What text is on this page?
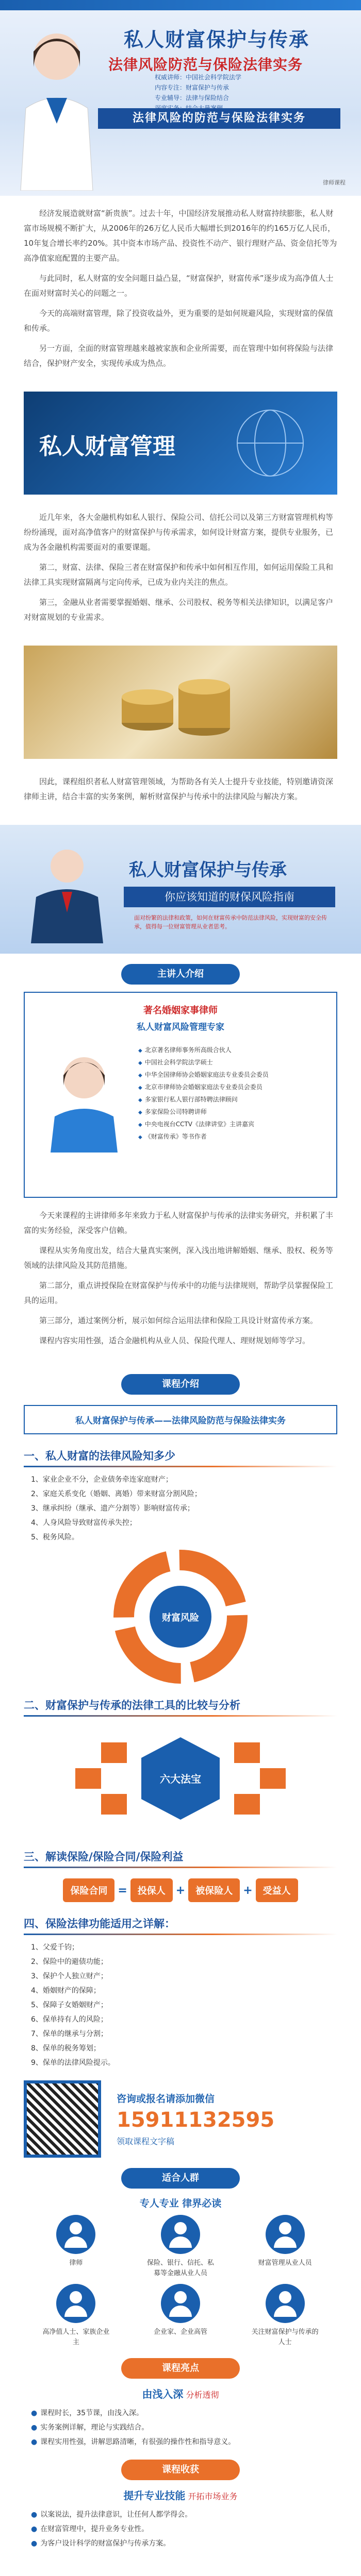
私人财富保护与传承
法律风险防范与保险法律实务
权威讲师：中国社会科学院法学
内容专注：财富保护与传承
专业辅导：法律与保险结合
法律风险的防范与保险法律实务
律师课程

经济发展造就财富“新贵族”。过去十年，中国经济发展推动私人财富持续膨胀，私人财富市场规模不断扩大，从2006年的26万亿人民币大幅增长到2016年的约165万亿人民币，10年复合增长率约20%。其中资本市场产品、投资性不动产、银行理财产品、资金信托等为高净值家庭配置的主要产品。

与此同时，私人财富的安全问题日益凸显，“财富保护，财富传承”逐步成为高净值人士在面对财富时关心的问题之一。

今天的高端财富管理，除了投资收益外，更为重要的是如何规避风险，实现财富的保值和传承。

另一方面，全面的财富管理越来越被家族和企业所需要，而在管理中如何将保险与法律结合，保护财产安全，实现传承成为热点。

私人财富管理

近几年来，各大金融机构如私人银行、保险公司、信托公司以及第三方财富管理机构等纷纷涌现，面对高净值客户的财富保护与传承需求，如何设计财富方案，提供专业服务，已成为各金融机构需要面对的重要课题。

第二，财富、法律、保险三者在财富保护和传承中如何相互作用，如何运用保险工具和法律工具实现财富隔离与定向传承，已成为业内关注的焦点。

第三，金融从业者需要掌握婚姻、继承、公司股权、税务等相关法律知识，以满足客户对财富规划的专业需求。

因此，课程组织者私人财富管理领域，为帮助各有关人士提升专业技能，特别邀请资深律师主讲，结合丰富的实务案例，解析财富保护与传承中的法律风险与解决方案。

私人财富保护与传承
你应该知道的财保风险指南
面对纷繁的法律和政策，如何在财富传承中防范法律风险，实现财富的安全传承，值得每一位财富管理从业者思考。
主讲人介绍
著名婚姻家事律师
私人财富风险管理专家
◆ 北京著名律师事务所高级合伙人
◆ 中国社会科学院法学硕士
◆ 中华全国律师协会婚姻家庭法专业委员会委员
◆ 北京市律师协会婚姻家庭法专业委员会委员
◆ 多家银行私人银行部特聘法律顾问
◆ 多家保险公司特聘讲师
◆ 中央电视台CCTV《法律讲堂》主讲嘉宾
◆ 《财富传承》等书作者

今天来课程的主讲律师多年来致力于私人财富保护与传承的法律实务研究，并积累了丰富的实务经验，深受客户信赖。

课程从实务角度出发，结合大量真实案例，深入浅出地讲解婚姻、继承、股权、税务等领域的法律风险及其防范措施。

第二部分，重点讲授保险在财富保护与传承中的功能与法律规则，帮助学员掌握保险工具的运用。

第三部分，通过案例分析，展示如何综合运用法律和保险工具设计财富传承方案。

课程内容实用性强，适合金融机构从业人员、保险代理人、理财规划师等学习。

课程介绍
私人财富保护与传承——法律风险防范与保险法律实务
一、私人财富的法律风险知多少
1、家业企业不分，企业债务牵连家庭财产；
2、家庭关系变化（婚姻、离婚）带来财富分割风险；
3、继承纠纷（继承、遗产分割等）影响财富传承；
4、人身风险导致财富传承失控；
5、税务风险。
财富风险
二、财富保护与传承的法律工具的比较与分析
六大法宝
三、解读保险/保险合同/保险利益
保险合同 =	投保人 +	被保险人 +	受益人
四、保险法律功能适用之详解：
1、父爱千钧；
2、保险中的避债功能；
3、保护个人独立财产；
4、婚姻财产的保障；
5、保障子女婚姻财产；
6、保单持有人的风险；
7、保单的继承与分割；
8、保单的税务筹划；
9、保单的法律风险提示。
咨询或报名请添加微信
15911132595
领取课程文字稿
适合人群
专人专业 律界必读
律师	保险、银行、信托、私募等金融从业人员
财富管理从业人员
高净值人士、家族企业主
企业家、企业高管	关注财富保护与传承的人士
课程亮点
由浅入深 分析透彻
● 课程时长，35节课，由浅入深。
● 实务案例详解，理论与实践结合。
● 课程实用性强，讲解思路清晰，有很强的操作性和指导意义。
课程收获
提升专业技能 开拓市场业务
● 以案说法，提升法律意识，让任何人都学得会。
● 在财富管理中，提升业务专业性。
● 为客户设计科学的财富保护与传承方案。
